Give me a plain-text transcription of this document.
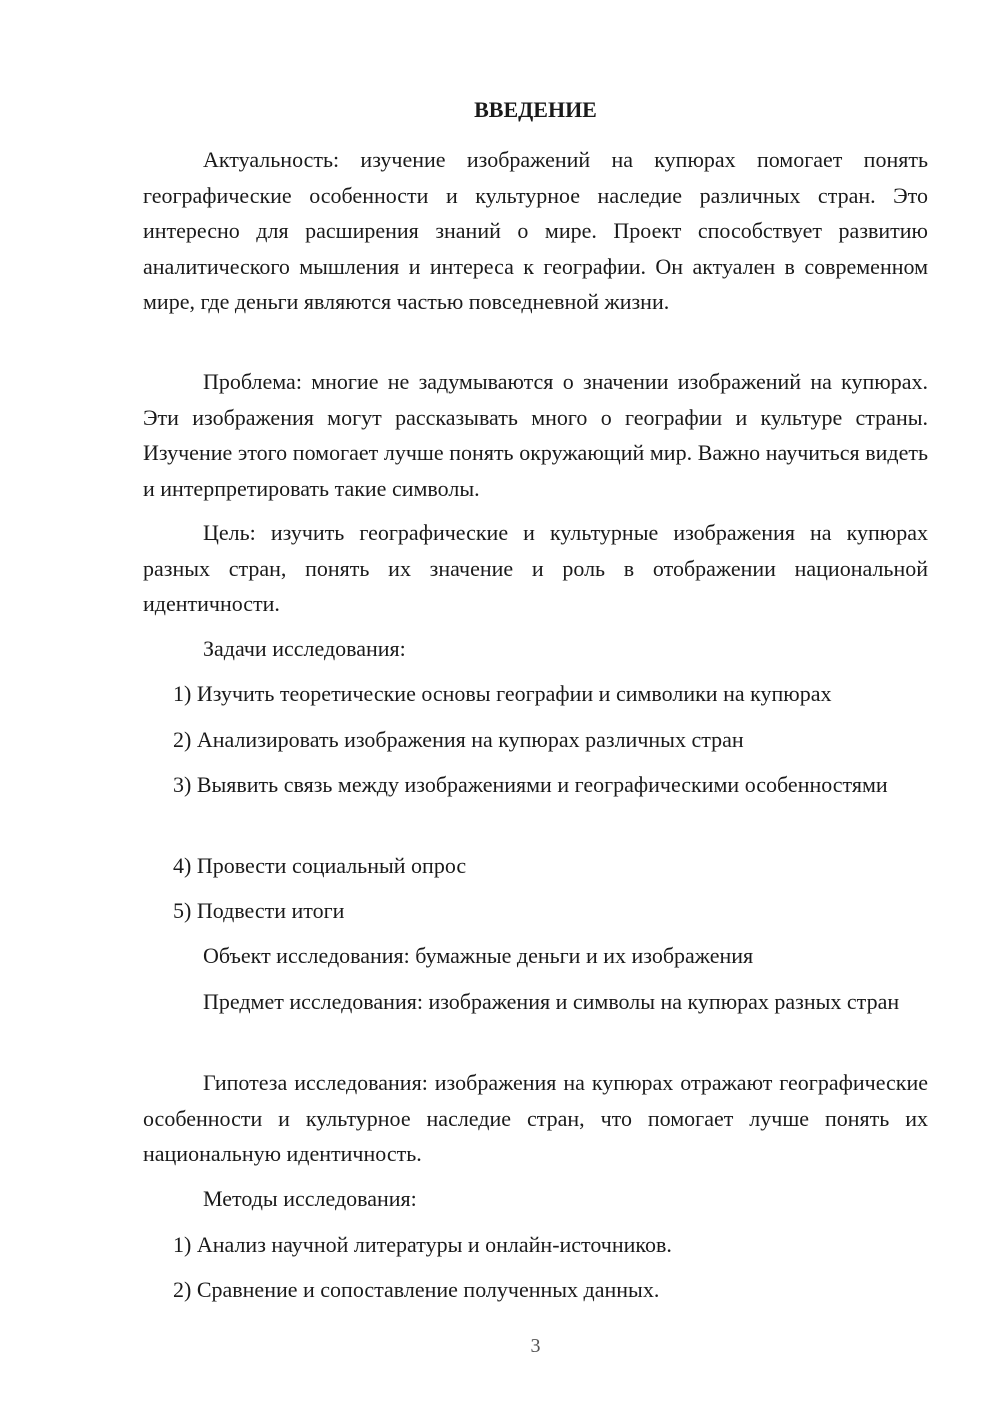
ВВЕДЕНИЕ

Актуальность: изучение изображений на купюрах помогает понять географические особенности и культурное наследие различных стран. Это интересно для расширения знаний о мире. Проект способствует развитию аналитического мышления и интереса к географии. Он актуален в современном мире, где деньги являются частью повседневной жизни.

Проблема: многие не задумываются о значении изображений на купюрах. Эти изображения могут рассказывать много о географии и культуре страны. Изучение этого помогает лучше понять окружающий мир. Важно научиться видеть и интерпретировать такие символы.

Цель: изучить географические и культурные изображения на купюрах разных стран, понять их значение и роль в отображении национальной идентичности.

Задачи исследования:

1) Изучить теоретические основы географии и символики на купюрах

2) Анализировать изображения на купюрах различных стран

3) Выявить связь между изображениями и географическими особенностями

4) Провести социальный опрос

5) Подвести итоги

Объект исследования: бумажные деньги и их изображения

Предмет исследования: изображения и символы на купюрах разных стран

Гипотеза исследования: изображения на купюрах отражают географические особенности и культурное наследие стран, что помогает лучше понять их национальную идентичность.

Методы исследования:

1) Анализ научной литературы и онлайн-источников.

2) Сравнение и сопоставление полученных данных.

3
